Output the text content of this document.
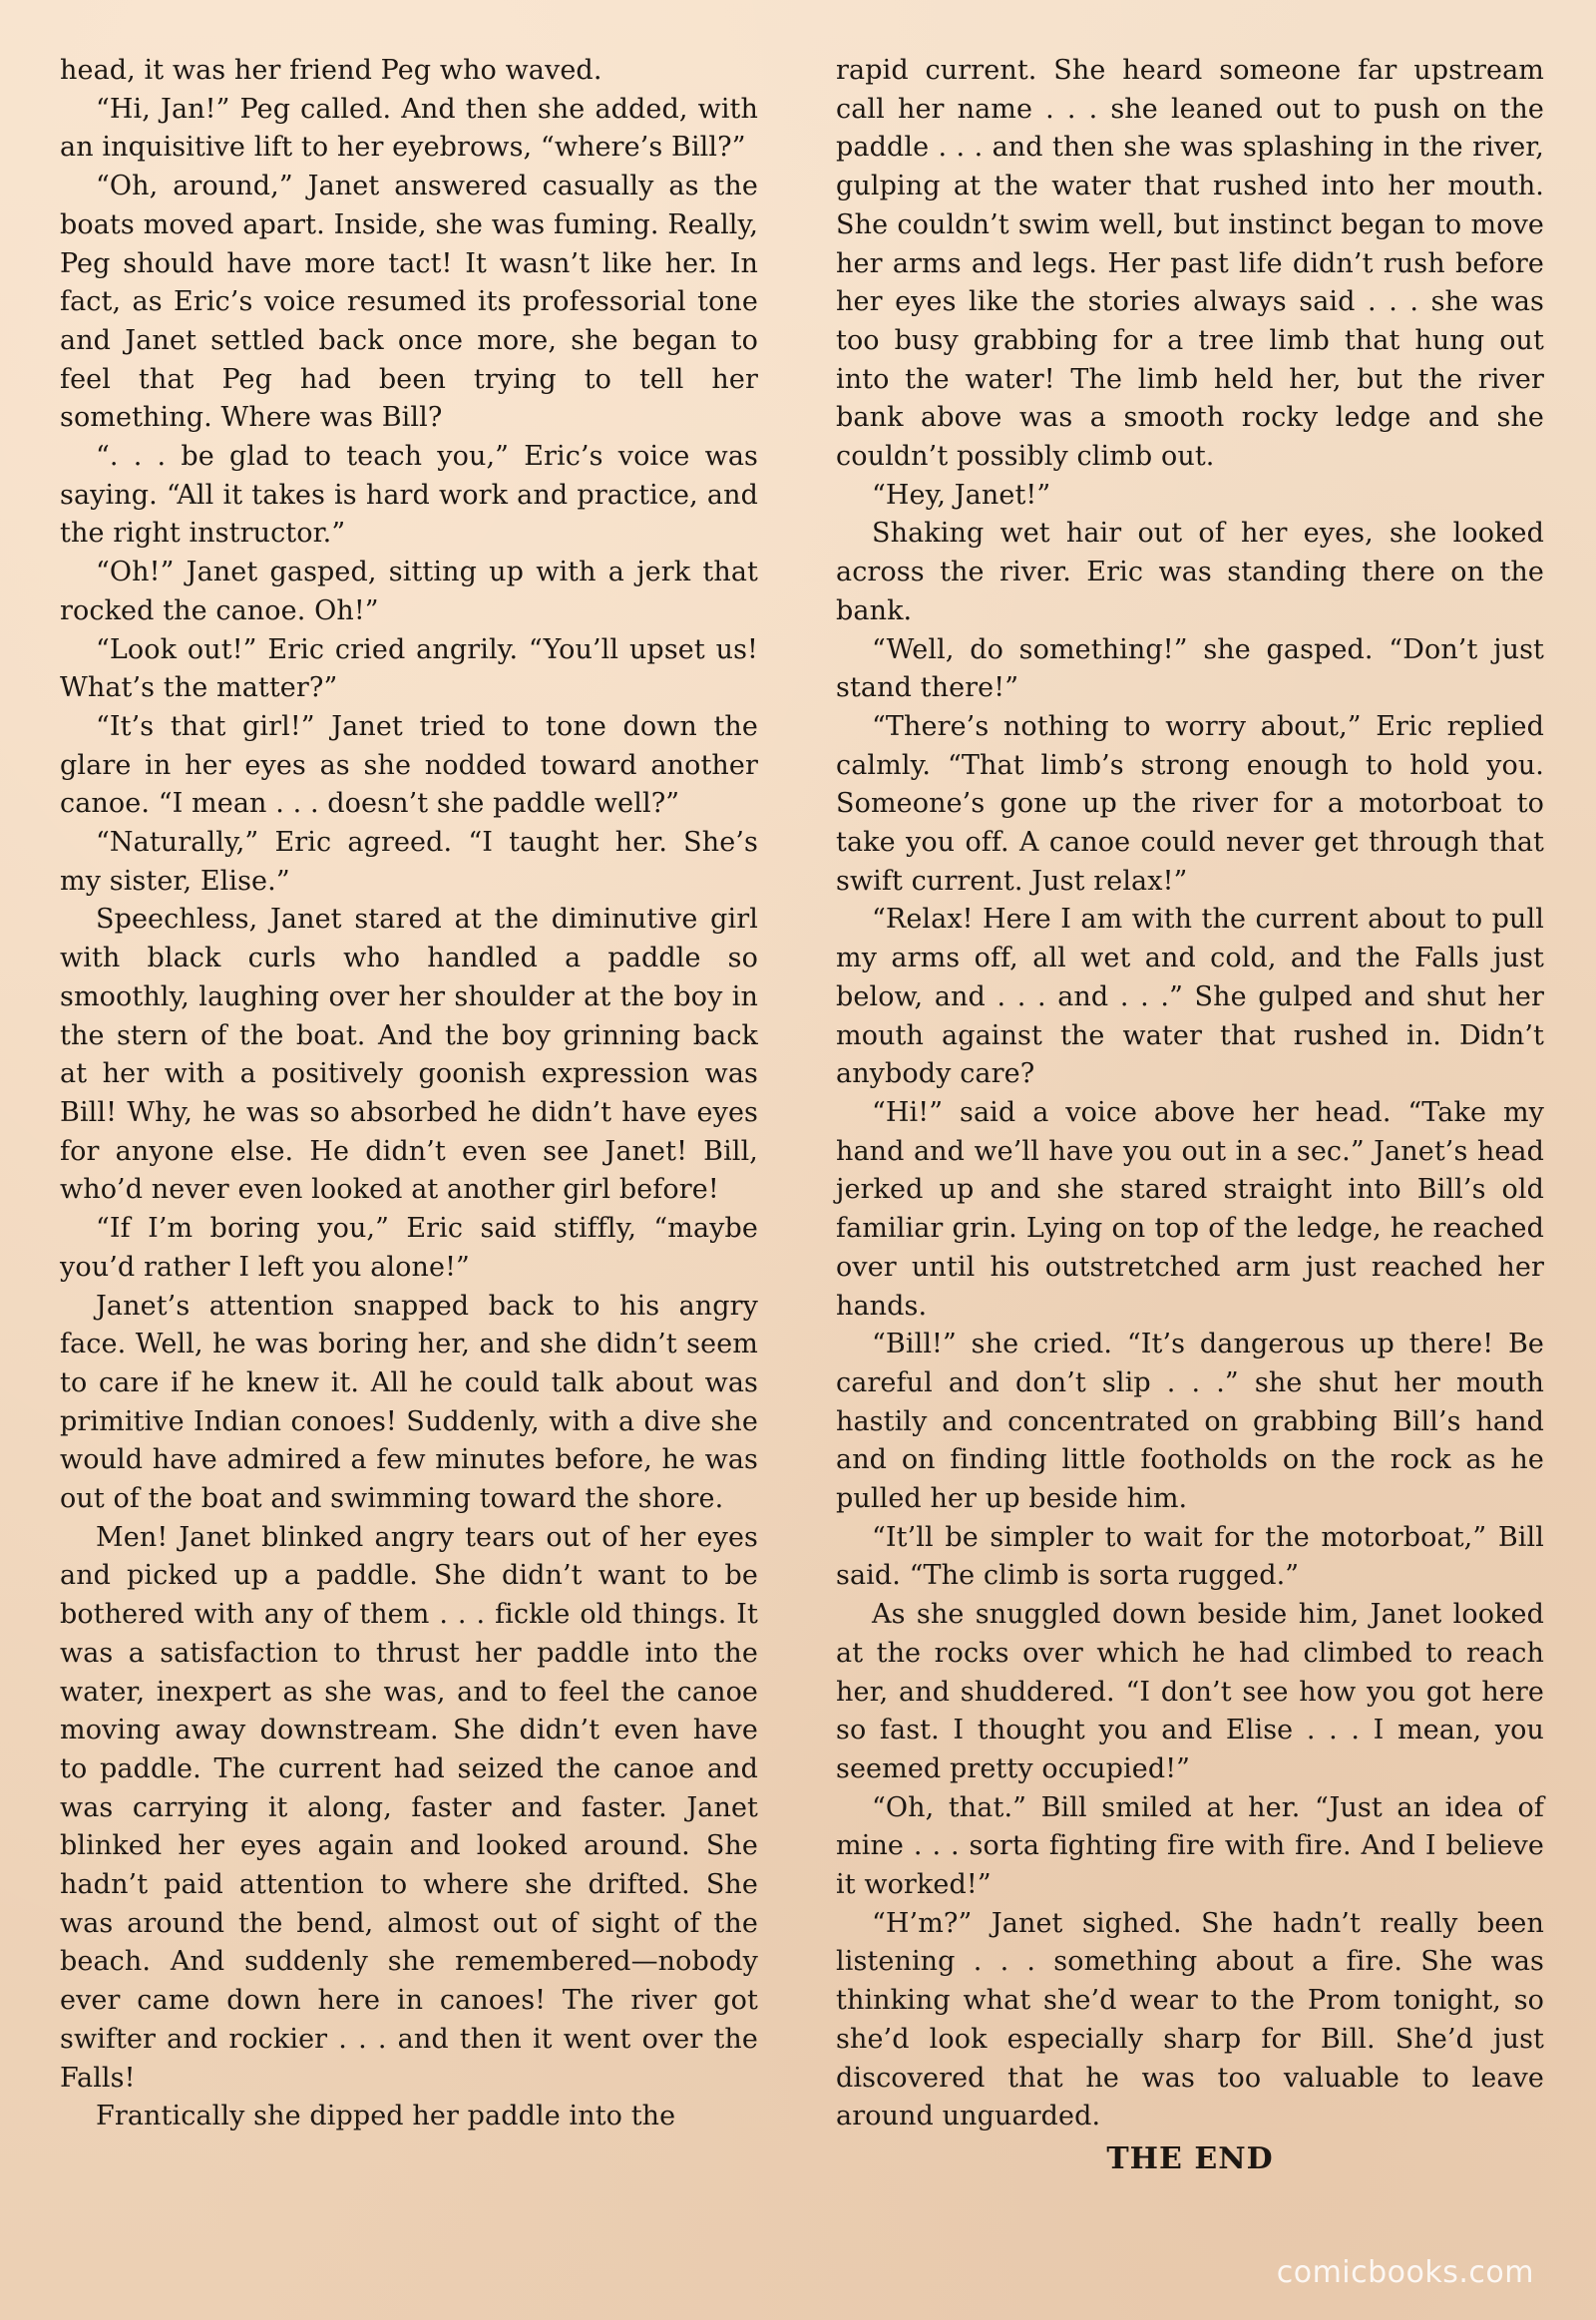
head, it was her friend Peg who waved.

“Hi, Jan!” Peg called. And then she added, with an inquisitive lift to her eyebrows, “where’s Bill?”

“Oh, around,” Janet answered casually as the boats moved apart. Inside, she was fuming. Really, Peg should have more tact! It wasn’t like her. In fact, as Eric’s voice resumed its professorial tone and Janet settled back once more, she began to feel that Peg had been trying to tell her something. Where was Bill?

“. . . be glad to teach you,” Eric’s voice was saying. “All it takes is hard work and practice, and the right instructor.”

“Oh!” Janet gasped, sitting up with a jerk that rocked the canoe. Oh!”

“Look out!” Eric cried angrily. “You’ll upset us! What’s the matter?”

“It’s that girl!” Janet tried to tone down the glare in her eyes as she nodded toward another canoe. “I mean . . . doesn’t she paddle well?”

“Naturally,” Eric agreed. “I taught her. She’s my sister, Elise.”

Speechless, Janet stared at the diminutive girl with black curls who handled a paddle so smoothly, laughing over her shoulder at the boy in the stern of the boat. And the boy grinning back at her with a positively goonish expression was Bill! Why, he was so absorbed he didn’t have eyes for anyone else. He didn’t even see Janet! Bill, who’d never even looked at another girl before!

“If I’m boring you,” Eric said stiffly, “maybe you’d rather I left you alone!”

Janet’s attention snapped back to his angry face. Well, he was boring her, and she didn’t seem to care if he knew it. All he could talk about was primitive Indian conoes! Suddenly, with a dive she would have admired a few minutes before, he was out of the boat and swimming toward the shore.

Men! Janet blinked angry tears out of her eyes and picked up a paddle. She didn’t want to be bothered with any of them . . . fickle old things. It was a satisfaction to thrust her paddle into the water, inexpert as she was, and to feel the canoe moving away downstream. She didn’t even have to paddle. The current had seized the canoe and was carrying it along, faster and faster. Janet blinked her eyes again and looked around. She hadn’t paid attention to where she drifted. She was around the bend, almost out of sight of the beach. And suddenly she remembered—nobody ever came down here in canoes! The river got swifter and rockier . . . and then it went over the Falls!

Frantically she dipped her paddle into the

rapid current. She heard someone far upstream call her name . . . she leaned out to push on the paddle . . . and then she was splashing in the river, gulping at the water that rushed into her mouth. She couldn’t swim well, but instinct began to move her arms and legs. Her past life didn’t rush before her eyes like the stories always said . . . she was too busy grabbing for a tree limb that hung out into the water! The limb held her, but the river bank above was a smooth rocky ledge and she couldn’t possibly climb out.

“Hey, Janet!”

Shaking wet hair out of her eyes, she looked across the river. Eric was standing there on the bank.

“Well, do something!” she gasped. “Don’t just stand there!”

“There’s nothing to worry about,” Eric replied calmly. “That limb’s strong enough to hold you. Someone’s gone up the river for a motorboat to take you off. A canoe could never get through that swift current. Just relax!”

“Relax! Here I am with the current about to pull my arms off, all wet and cold, and the Falls just below, and . . . and . . .” She gulped and shut her mouth against the water that rushed in. Didn’t anybody care?

“Hi!” said a voice above her head. “Take my hand and we’ll have you out in a sec.” Janet’s head jerked up and she stared straight into Bill’s old familiar grin. Lying on top of the ledge, he reached over until his outstretched arm just reached her hands.

“Bill!” she cried. “It’s dangerous up there! Be careful and don’t slip . . .” she shut her mouth hastily and concentrated on grabbing Bill’s hand and on finding little footholds on the rock as he pulled her up beside him.

“It’ll be simpler to wait for the motorboat,” Bill said. “The climb is sorta rugged.”

As she snuggled down beside him, Janet looked at the rocks over which he had climbed to reach her, and shuddered. “I don’t see how you got here so fast. I thought you and Elise . . . I mean, you seemed pretty occupied!”

“Oh, that.” Bill smiled at her. “Just an idea of mine . . . sorta fighting fire with fire. And I believe it worked!”

“H’m?” Janet sighed. She hadn’t really been listening . . . something about a fire. She was thinking what she’d wear to the Prom tonight, so she’d look especially sharp for Bill. She’d just discovered that he was too valuable to leave around unguarded.

THE END

comicbooks.com
